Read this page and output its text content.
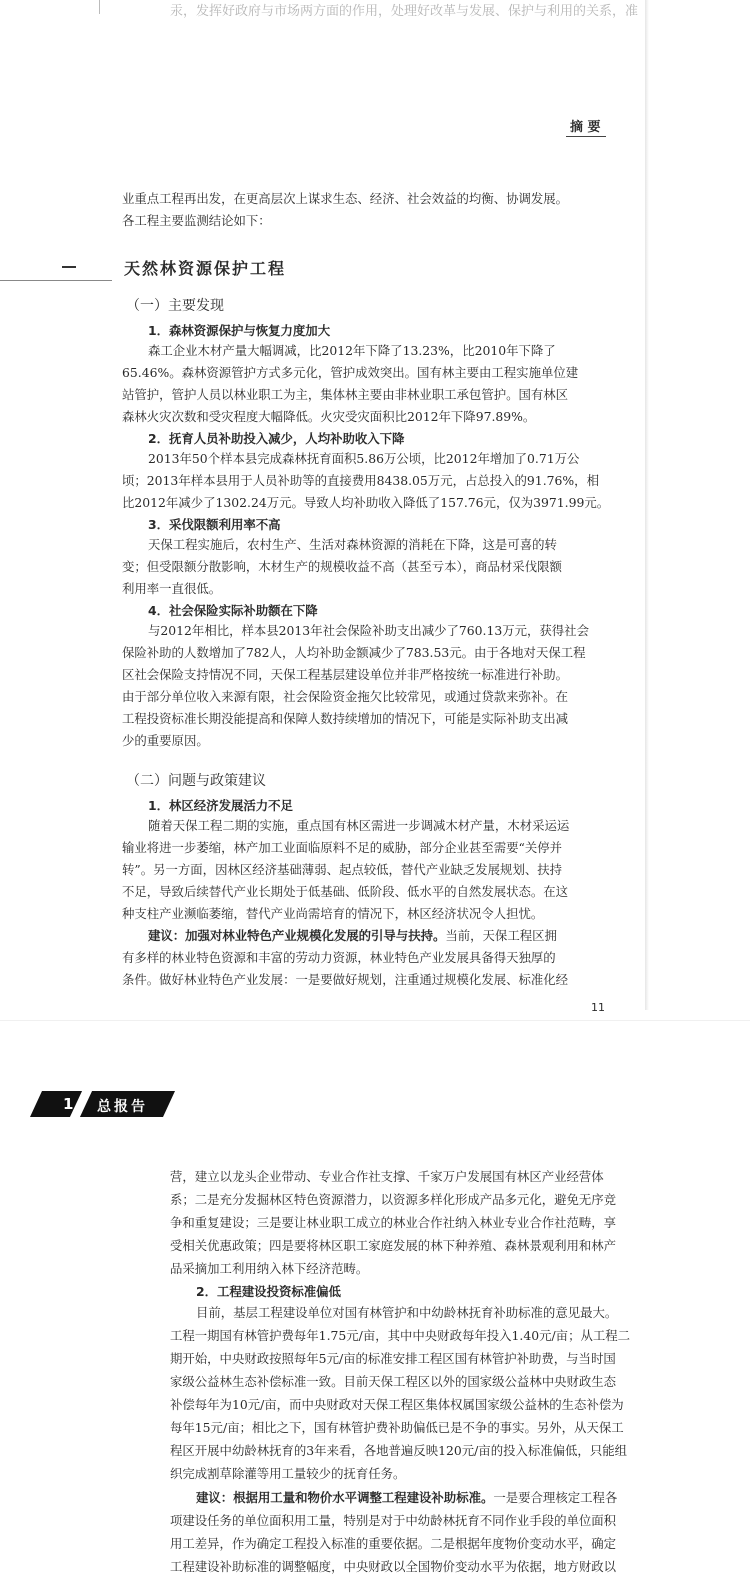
汞，发挥好政府与市场两方面的作用，处理好改革与发展、保护与利用的关系，准
摘 要
业重点工程再出发，在更高层次上谋求生态、经济、社会效益的均衡、协调发展。
各工程主要监测结论如下：
天然林资源保护工程
（一）主要发现
1．森林资源保护与恢复力度加大
森工企业木材产量大幅调减，比2012年下降了13.23%，比2010年下降了
65.46%。森林资源管护方式多元化，管护成效突出。国有林主要由工程实施单位建
站管护，管护人员以林业职工为主，集体林主要由非林业职工承包管护。国有林区
森林火灾次数和受灾程度大幅降低。火灾受灾面积比2012年下降97.89%。
2．抚育人员补助投入减少，人均补助收入下降
2013年50个样本县完成森林抚育面积5.86万公顷，比2012年增加了0.71万公
顷；2013年样本县用于人员补助等的直接费用8438.05万元，占总投入的91.76%，相
比2012年减少了1302.24万元。导致人均补助收入降低了157.76元，仅为3971.99元。
3．采伐限额利用率不高
天保工程实施后，农村生产、生活对森林资源的消耗在下降，这是可喜的转
变；但受限额分散影响，木材生产的规模收益不高（甚至亏本），商品材采伐限额
利用率一直很低。
4．社会保险实际补助额在下降
与2012年相比，样本县2013年社会保险补助支出减少了760.13万元，获得社会
保险补助的人数增加了782人，人均补助金额减少了783.53元。由于各地对天保工程
区社会保险支持情况不同，天保工程基层建设单位并非严格按统一标准进行补助。
由于部分单位收入来源有限，社会保险资金拖欠比较常见，或通过贷款来弥补。在
工程投资标准长期没能提高和保障人数持续增加的情况下，可能是实际补助支出减
少的重要原因。
（二）问题与政策建议
1．林区经济发展活力不足
随着天保工程二期的实施，重点国有林区需进一步调减木材产量，木材采运运
输业将进一步萎缩，林产加工业面临原料不足的威胁，部分企业甚至需要“关停并
转”。另一方面，因林区经济基础薄弱、起点较低，替代产业缺乏发展规划、扶持
不足，导致后续替代产业长期处于低基础、低阶段、低水平的自然发展状态。在这
种支柱产业濒临萎缩，替代产业尚需培育的情况下，林区经济状况令人担忧。
建议：加强对林业特色产业规模化发展的引导与扶持。当前，天保工程区拥
有多样的林业特色资源和丰富的劳动力资源，林业特色产业发展具备得天独厚的
条件。做好林业特色产业发展：一是要做好规划，注重通过规模化发展、标准化经
11
1 总报告
营，建立以龙头企业带动、专业合作社支撑、千家万户发展国有林区产业经营体
系；二是充分发掘林区特色资源潜力，以资源多样化形成产品多元化，避免无序竞
争和重复建设；三是要让林业职工成立的林业合作社纳入林业专业合作社范畴，享
受相关优惠政策；四是要将林区职工家庭发展的林下种养殖、森林景观利用和林产
品采摘加工利用纳入林下经济范畴。
2．工程建设投资标准偏低
目前，基层工程建设单位对国有林管护和中幼龄林抚育补助标准的意见最大。
工程一期国有林管护费每年1.75元/亩，其中中央财政每年投入1.40元/亩；从工程二
期开始，中央财政按照每年5元/亩的标准安排工程区国有林管护补助费，与当时国
家级公益林生态补偿标准一致。目前天保工程区以外的国家级公益林中央财政生态
补偿每年为10元/亩，而中央财政对天保工程区集体权属国家级公益林的生态补偿为
每年15元/亩；相比之下，国有林管护费补助偏低已是不争的事实。另外，从天保工
程区开展中幼龄林抚育的3年来看，各地普遍反映120元/亩的投入标准偏低，只能组
织完成割草除灌等用工量较少的抚育任务。
建议：根据用工量和物价水平调整工程建设补助标准。一是要合理核定工程各
项建设任务的单位面积用工量，特别是对于中幼龄林抚育不同作业手段的单位面积
用工差异，作为确定工程投入标准的重要依据。二是根据年度物价变动水平，确定
工程建设补助标准的调整幅度，中央财政以全国物价变动水平为依据，地方财政以
